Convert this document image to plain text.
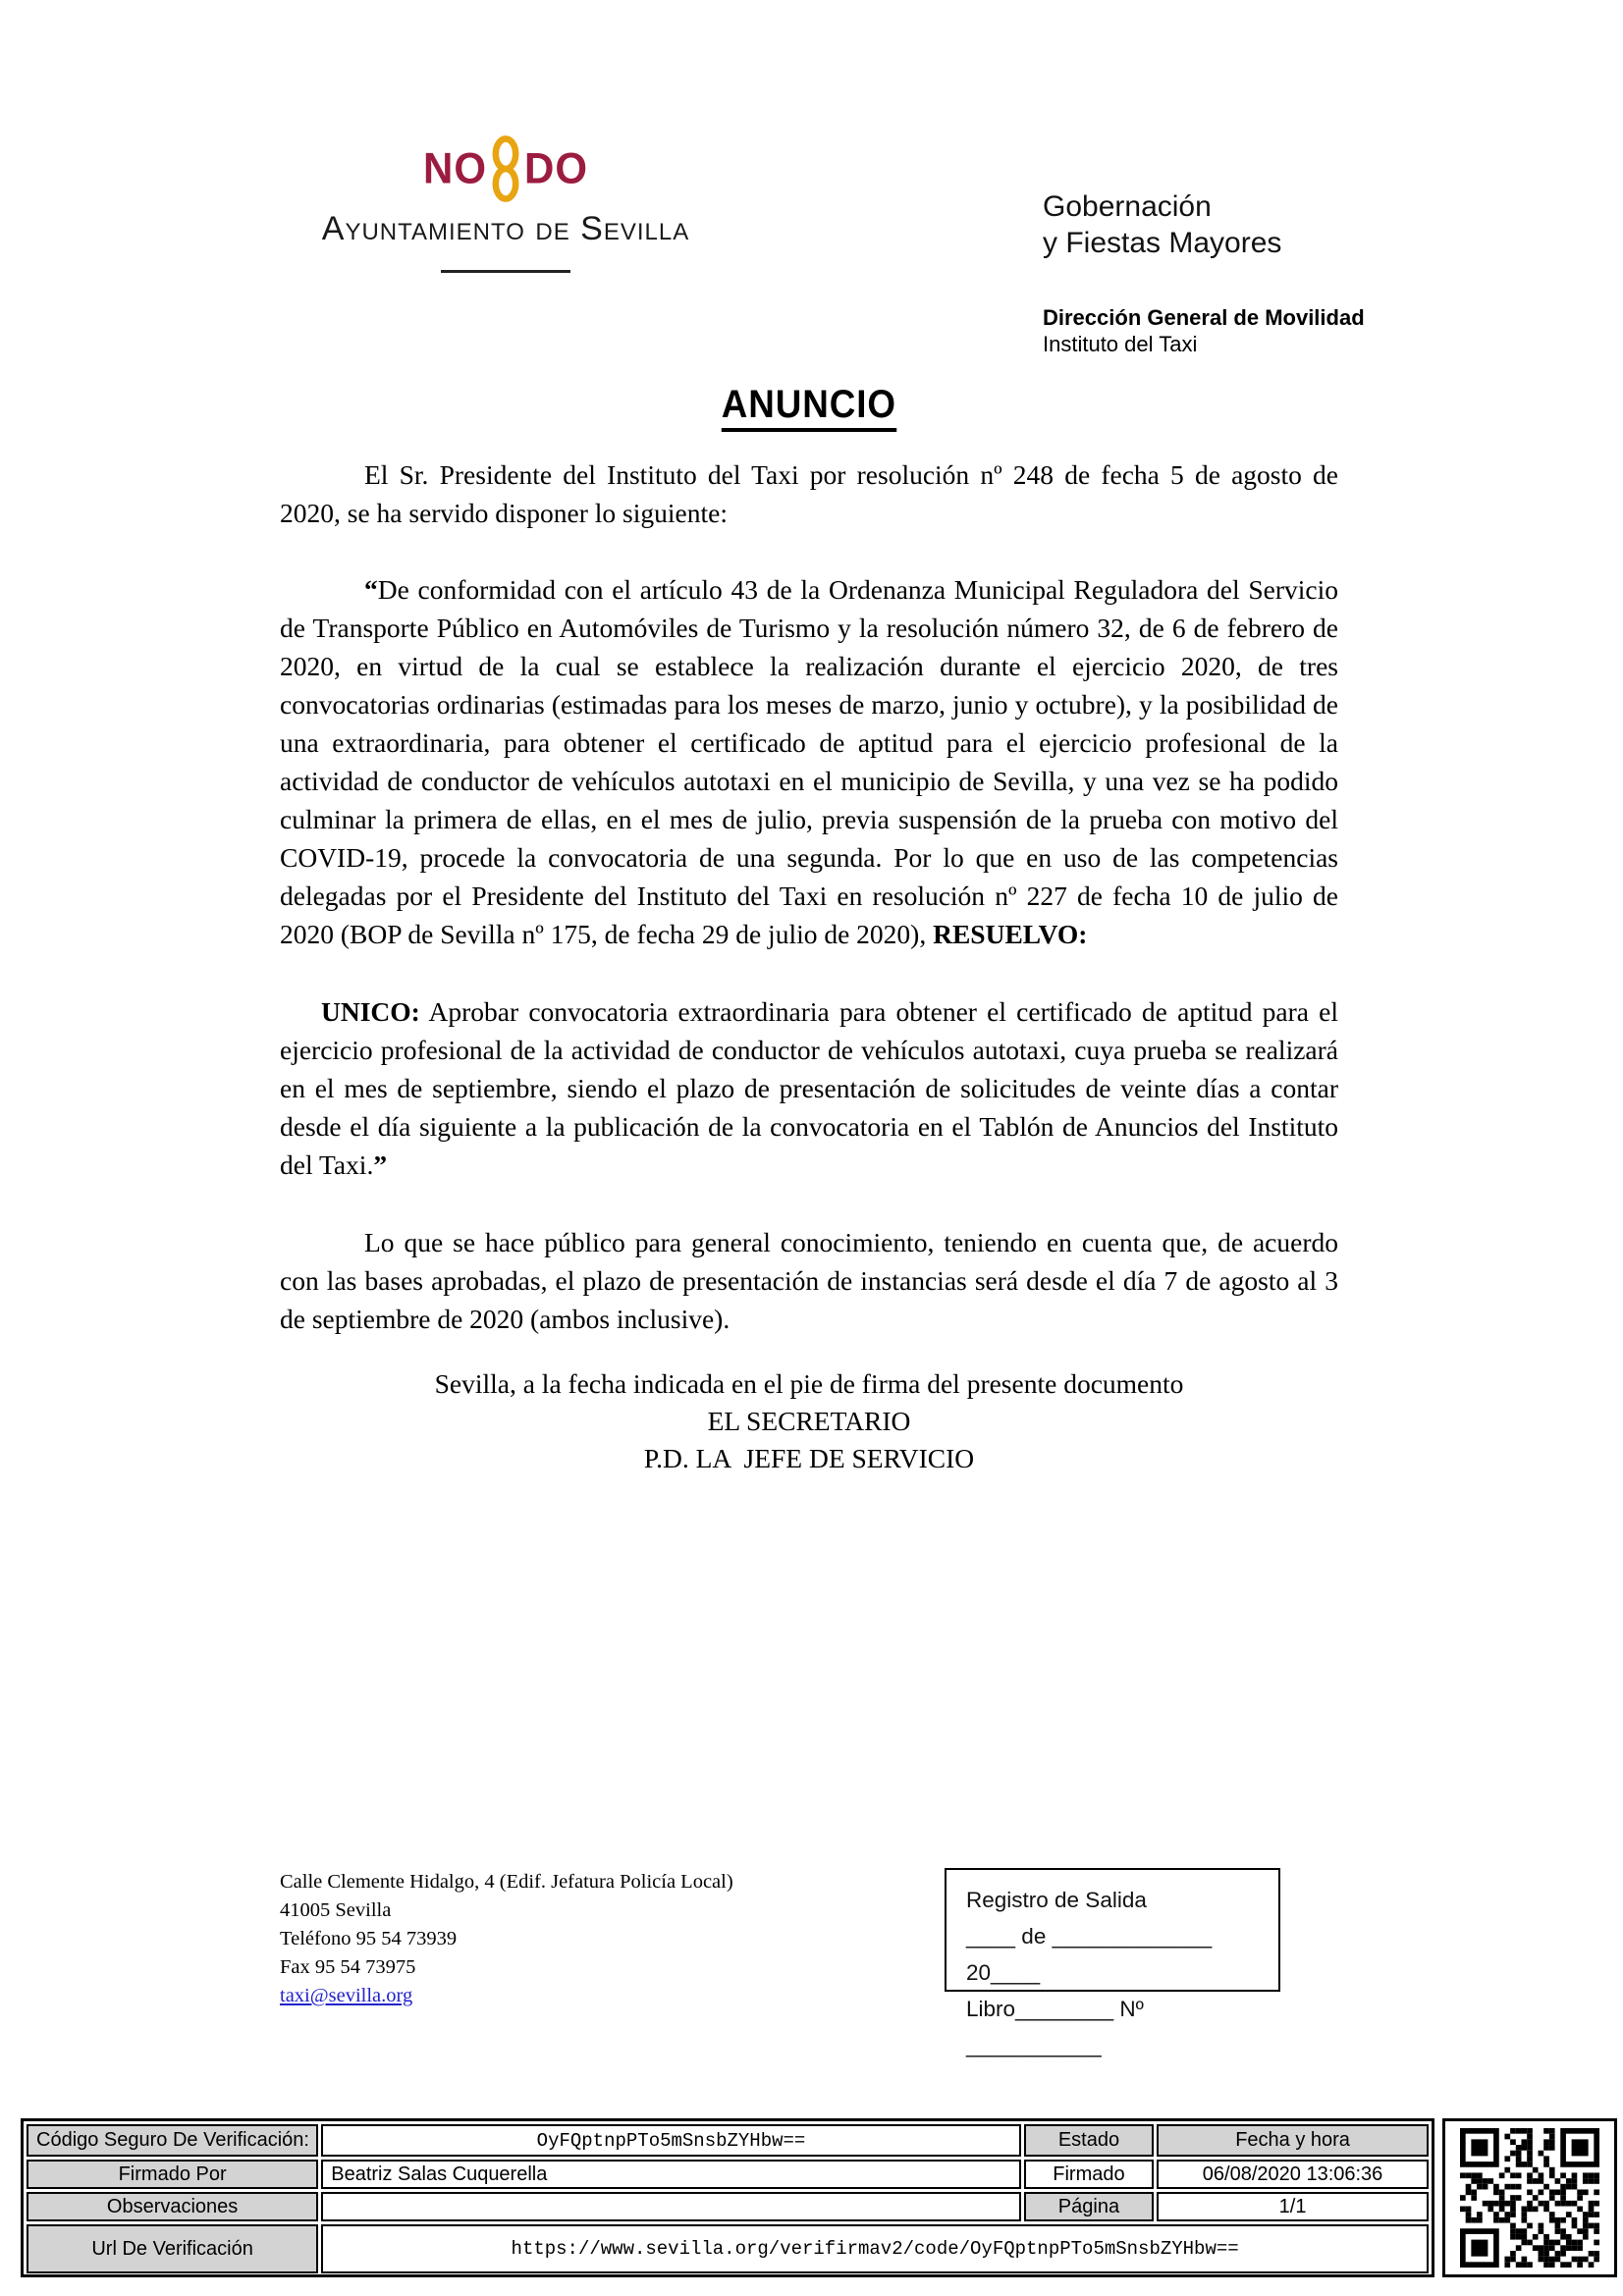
NO DO
Ayuntamiento de Sevilla
Gobernación
y Fiestas Mayores
Dirección General de Movilidad
Instituto del Taxi
ANUNCIO

El Sr. Presidente del Instituto del Taxi por resolución nº 248 de fecha 5 de agosto de 2020, se ha servido disponer lo siguiente:

“De conformidad con el artículo 43 de la Ordenanza Municipal Reguladora del Servicio de Transporte Público en Automóviles de Turismo y la resolución número 32, de 6 de febrero de 2020, en virtud de la cual se establece la realización durante el ejercicio 2020, de tres convocatorias ordinarias (estimadas para los meses de marzo, junio y octubre), y la posibilidad de una extraordinaria, para obtener el certificado de aptitud para el ejercicio profesional de la actividad de conductor de vehículos autotaxi en el municipio de Sevilla, y una vez se ha podido culminar la primera de ellas, en el mes de julio, previa suspensión de la prueba con motivo del COVID-19, procede la convocatoria de una segunda. Por lo que en uso de las competencias delegadas por el Presidente del Instituto del Taxi en resolución nº 227 de fecha 10 de julio de 2020 (BOP de Sevilla nº 175, de fecha 29 de julio de 2020), RESUELVO:

UNICO: Aprobar convocatoria extraordinaria para obtener el certificado de aptitud para el ejercicio profesional de la actividad de conductor de vehículos autotaxi, cuya prueba se realizará en el mes de septiembre, siendo el plazo de presentación de solicitudes de veinte días a contar desde el día siguiente a la publicación de la convocatoria en el Tablón de Anuncios del Instituto del Taxi.”

Lo que se hace público para general conocimiento, teniendo en cuenta que, de acuerdo con las bases aprobadas, el plazo de presentación de instancias será desde el día 7 de agosto al 3 de septiembre de 2020 (ambos inclusive).

Sevilla, a la fecha indicada en el pie de firma del presente documento
EL SECRETARIO
P.D. LA  JEFE DE SERVICIO
Calle Clemente Hidalgo, 4 (Edif. Jefatura Policía Local)
41005 Sevilla
Teléfono 95 54 73939
Fax 95 54 73975
taxi@sevilla.org
Registro de Salida
____ de _____________ 20____
Libro________ Nº ___________
Código Seguro De Verificación:	OyFQptnpPTo5mSnsbZYHbw==	Estado	Fecha y hora
Firmado Por	Beatriz Salas Cuquerella	Firmado	06/08/2020 13:06:36
Observaciones		Página	1/1
Url De Verificación	https://www.sevilla.org/verifirmav2/code/OyFQptnpPTo5mSnsbZYHbw==		
